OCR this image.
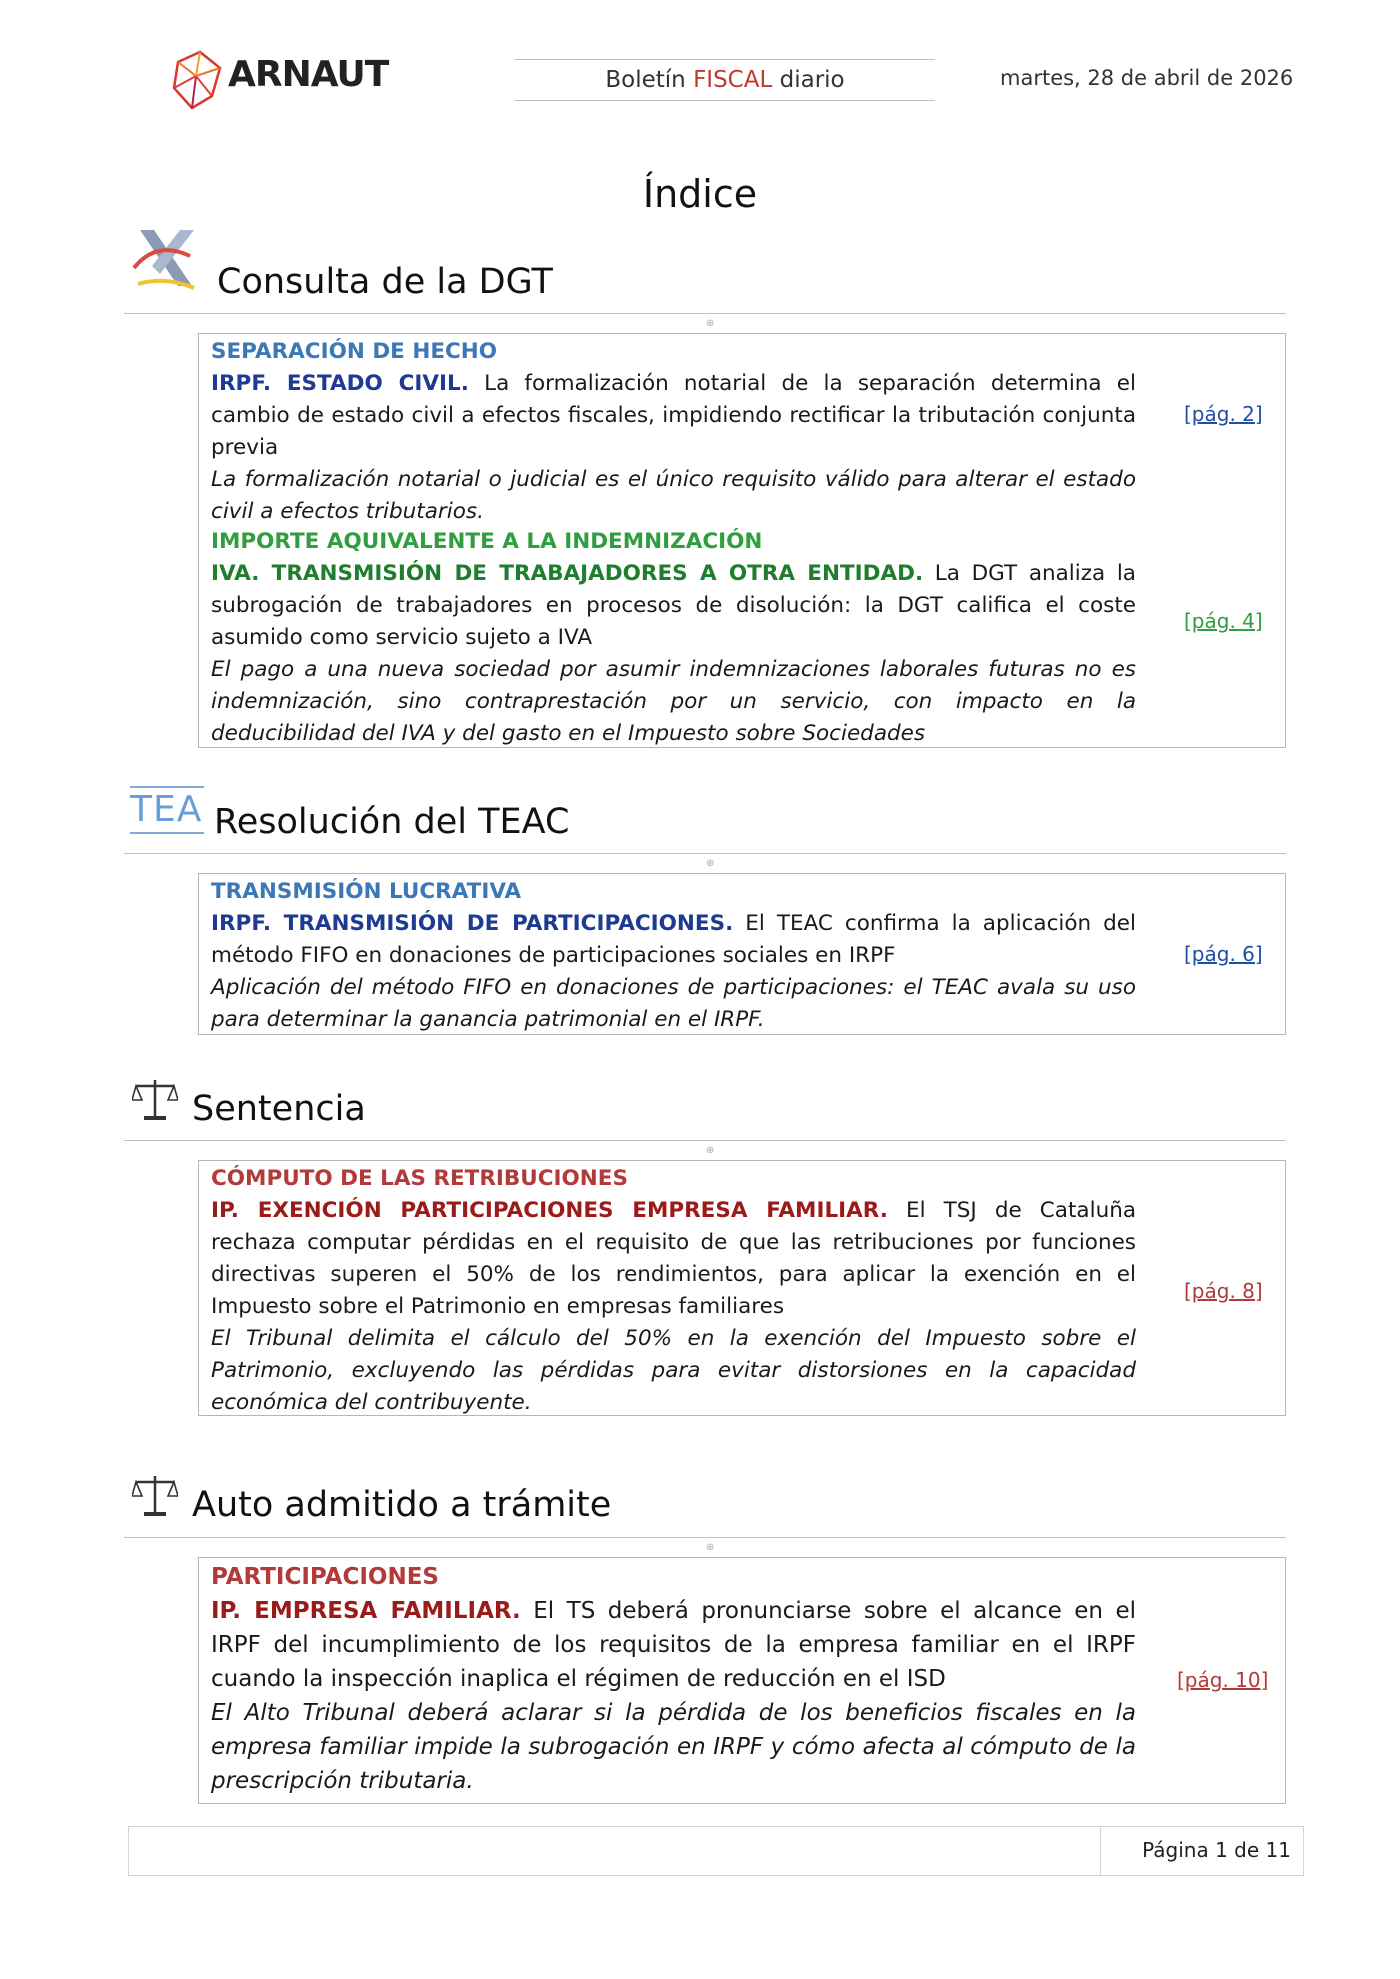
ARNAUT	Boletín FISCAL diario	martes, 28 de abril de 2026
Índice
Consulta de la DGT
⊕
SEPARACIÓN DE HECHO
IRPF. ESTADO CIVIL. La formalización notarial de la separación determina el cambio de estado civil a efectos fiscales, impidiendo rectificar la tributación conjunta previa
La formalización notarial o judicial es el único requisito válido para alterar el estado civil a efectos tributarios.
[pág. 2]
IMPORTE AQUIVALENTE A LA INDEMNIZACIÓN
IVA. TRANSMISIÓN DE TRABAJADORES A OTRA ENTIDAD. La DGT analiza la subrogación de trabajadores en procesos de disolución: la DGT califica el coste asumido como servicio sujeto a IVA
El pago a una nueva sociedad por asumir indemnizaciones laborales futuras no es indemnización, sino contraprestación por un servicio, con impacto en la deducibilidad del IVA y del gasto en el Impuesto sobre Sociedades
[pág. 4]
TEA Resolución del TEAC
⊕
TRANSMISIÓN LUCRATIVA
IRPF. TRANSMISIÓN DE PARTICIPACIONES. El TEAC confirma la aplicación del método FIFO en donaciones de participaciones sociales en IRPF
Aplicación del método FIFO en donaciones de participaciones: el TEAC avala su uso para determinar la ganancia patrimonial en el IRPF.
[pág. 6]
Sentencia
⊕
CÓMPUTO DE LAS RETRIBUCIONES
IP. EXENCIÓN PARTICIPACIONES EMPRESA FAMILIAR. El TSJ de Cataluña rechaza computar pérdidas en el requisito de que las retribuciones por funciones directivas superen el 50% de los rendimientos, para aplicar la exención en el Impuesto sobre el Patrimonio en empresas familiares
El Tribunal delimita el cálculo del 50% en la exención del Impuesto sobre el Patrimonio, excluyendo las pérdidas para evitar distorsiones en la capacidad económica del contribuyente.
[pág. 8]
Auto admitido a trámite
⊕
PARTICIPACIONES
IP. EMPRESA FAMILIAR. El TS deberá pronunciarse sobre el alcance en el IRPF del incumplimiento de los requisitos de la empresa familiar en el IRPF cuando la inspección inaplica el régimen de reducción en el ISD
El Alto Tribunal deberá aclarar si la pérdida de los beneficios fiscales en la empresa familiar impide la subrogación en IRPF y cómo afecta al cómputo de la prescripción tributaria.
[pág. 10]
Página 1 de 11
